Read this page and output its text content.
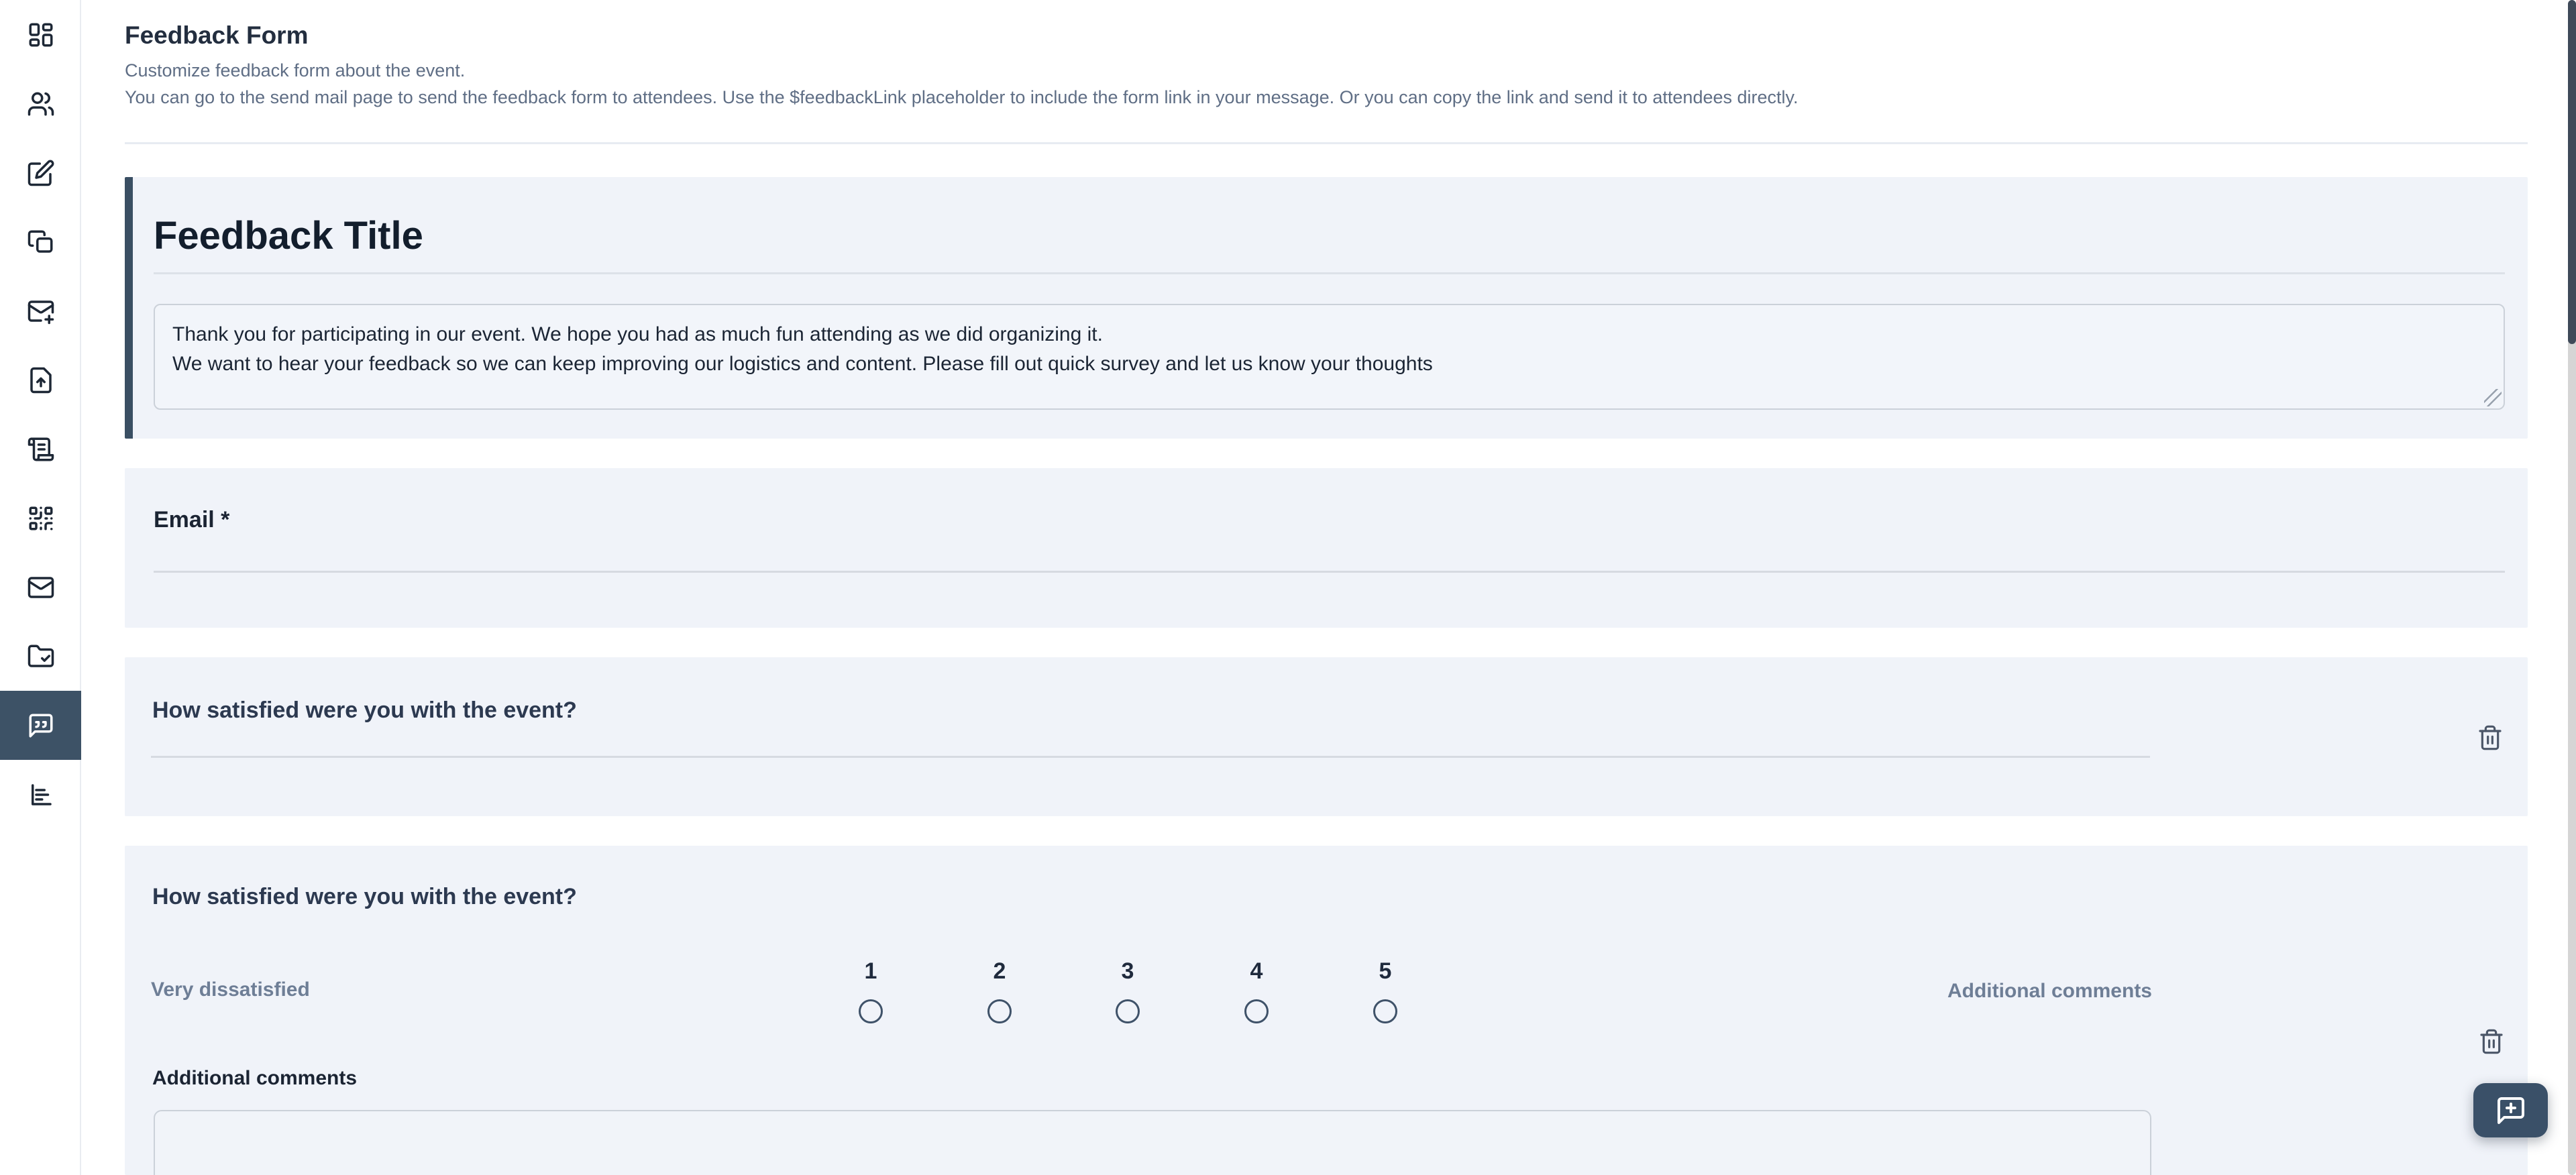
Feedback Form
Customize feedback form about the event.
You can go to the send mail page to send the feedback form to attendees. Use the $feedbackLink placeholder to include the form link in your message. Or you can copy the link and send it to attendees directly.
Feedback Title
Thank you for participating in our event. We hope you had as much fun attending as we did organizing it. We want to hear your feedback so we can keep improving our logistics and content. Please fill out quick survey and let us know your thoughts
Email *
How satisfied were you with the event?
How satisfied were you with the event?
Very dissatisfied
1	2	3	4	5
Additional comments
Additional comments
